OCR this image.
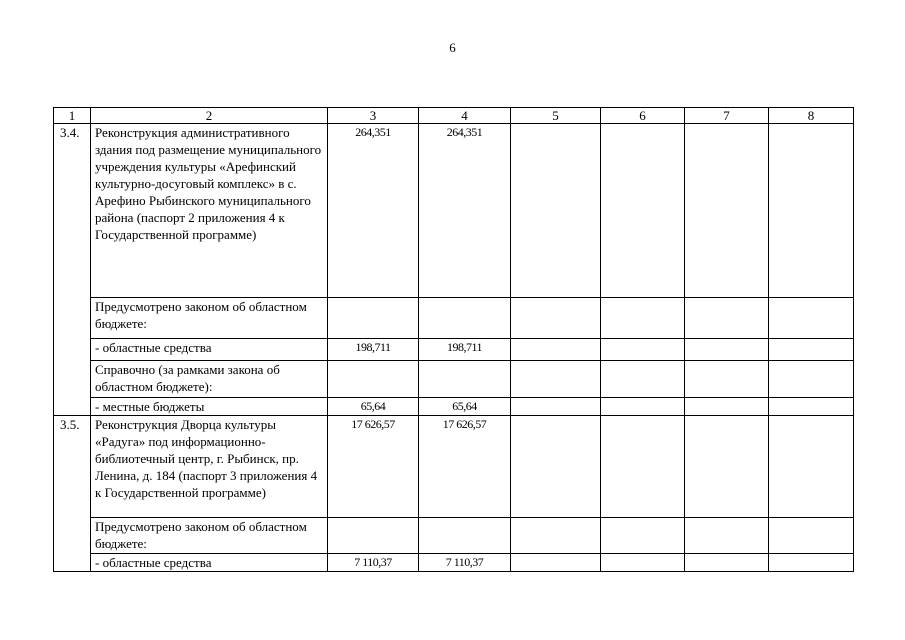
6
1	2	3	4	5	6	7	8
3.4.	Реконструкция административного здания под размещение муниципального учреждения культуры «Арефинский культурно-досуговый комплекс» в с. Арефино Рыбинского муниципального района (паспорт 2 приложения 4 к Государственной программе)	264,351	264,351				
	Предусмотрено законом об областном бюджете:						
	- областные средства	198,711	198,711				
	Справочно (за рамками закона об областном бюджете):						
	- местные бюджеты	65,64	65,64				
3.5.	Реконструкция Дворца культуры «Радуга» под информационно-библиотечный центр, г. Рыбинск, пр. Ленина, д. 184 (паспорт 3 приложения 4 к Государственной программе)	17 626,57	17 626,57				
	Предусмотрено законом об областном бюджете:						
	- областные средства	7 110,37	7 110,37				
